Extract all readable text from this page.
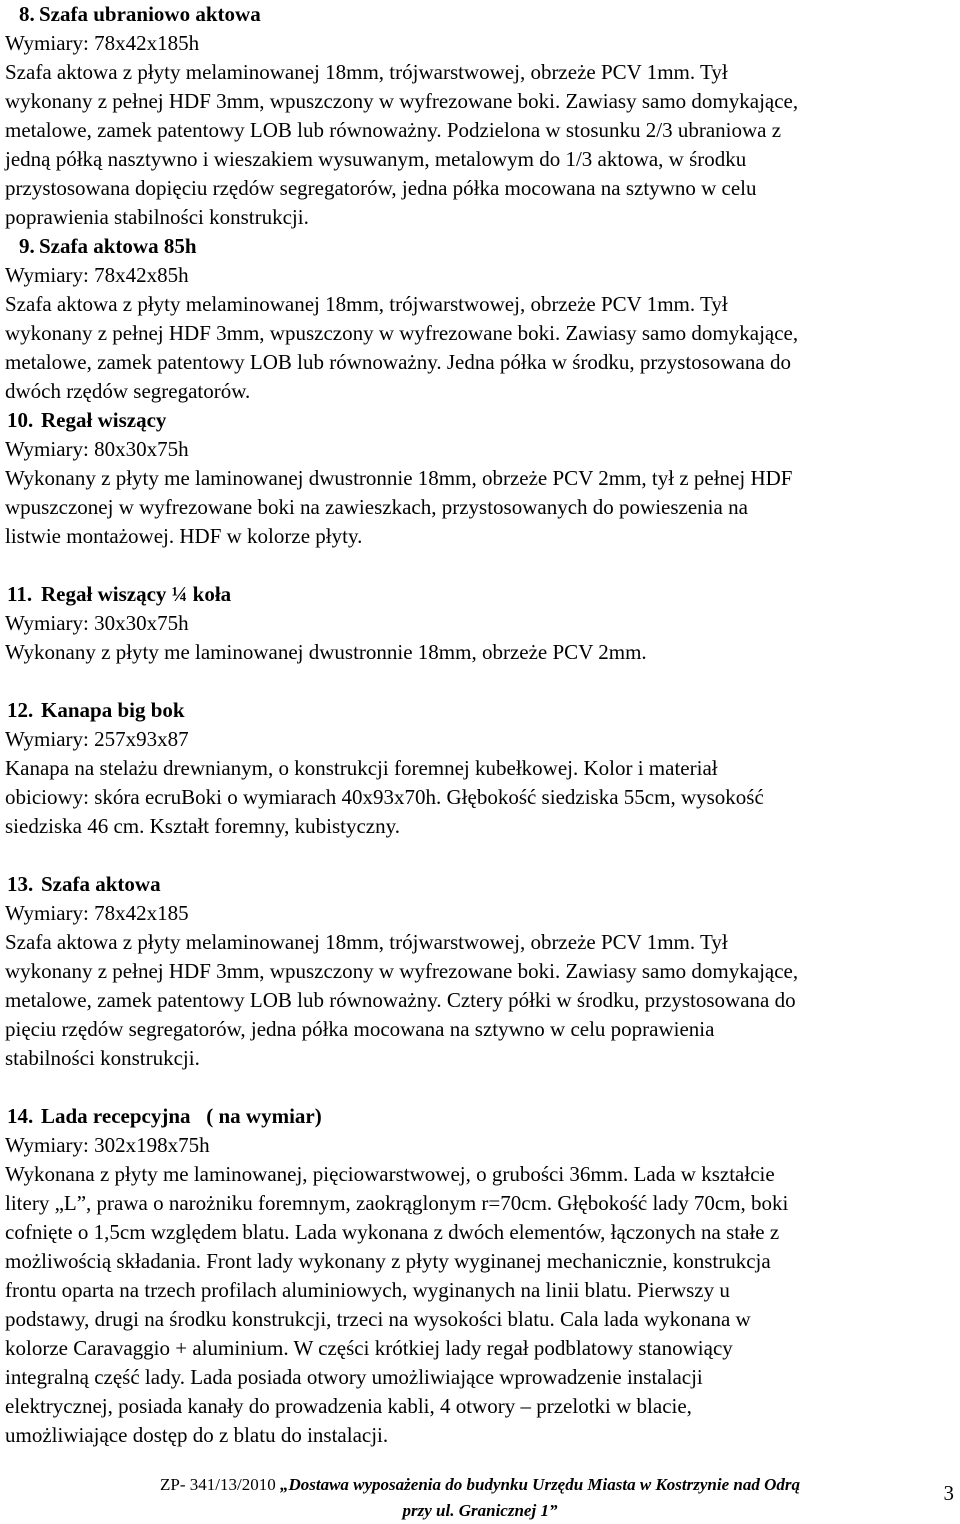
8. Szafa ubraniowo aktowa
Wymiary: 78x42x185h
Szafa aktowa z płyty melaminowanej 18mm, trójwarstwowej, obrzeże PCV 1mm. Tył
wykonany z pełnej HDF 3mm, wpuszczony w wyfrezowane boki. Zawiasy samo domykające,
metalowe, zamek patentowy LOB lub równoważny. Podzielona w stosunku 2/3 ubraniowa z
jedną półką nasztywno i wieszakiem wysuwanym, metalowym do 1/3 aktowa, w środku
przystosowana dopięciu rzędów segregatorów, jedna półka mocowana na sztywno w celu
poprawienia stabilności konstrukcji.
9. Szafa aktowa 85h
Wymiary: 78x42x85h
Szafa aktowa z płyty melaminowanej 18mm, trójwarstwowej, obrzeże PCV 1mm. Tył
wykonany z pełnej HDF 3mm, wpuszczony w wyfrezowane boki. Zawiasy samo domykające,
metalowe, zamek patentowy LOB lub równoważny. Jedna półka w środku, przystosowana do
dwóch rzędów segregatorów.
10. Regał wiszący
Wymiary: 80x30x75h
Wykonany z płyty me laminowanej dwustronnie 18mm, obrzeże PCV 2mm, tył z pełnej HDF
wpuszczonej w wyfrezowane boki na zawieszkach, przystosowanych do powieszenia na
listwie montażowej. HDF w kolorze płyty.
11. Regał wiszący ¼ koła
Wymiary: 30x30x75h
Wykonany z płyty me laminowanej dwustronnie 18mm, obrzeże PCV 2mm.
12. Kanapa big bok
Wymiary: 257x93x87
Kanapa na stelażu drewnianym, o konstrukcji foremnej kubełkowej. Kolor i materiał
obiciowy: skóra ecruBoki o wymiarach 40x93x70h. Głębokość siedziska 55cm, wysokość
siedziska 46 cm. Kształt foremny, kubistyczny.
13. Szafa aktowa
Wymiary: 78x42x185
Szafa aktowa z płyty melaminowanej 18mm, trójwarstwowej, obrzeże PCV 1mm. Tył
wykonany z pełnej HDF 3mm, wpuszczony w wyfrezowane boki. Zawiasy samo domykające,
metalowe, zamek patentowy LOB lub równoważny. Cztery półki w środku, przystosowana do
pięciu rzędów segregatorów, jedna półka mocowana na sztywno w celu poprawienia
stabilności konstrukcji.
14. Lada recepcyjna   ( na wymiar)
Wymiary: 302x198x75h
Wykonana z płyty me laminowanej, pięciowarstwowej, o grubości 36mm. Lada w kształcie
litery „L”, prawa o narożniku foremnym, zaokrąglonym r=70cm. Głębokość lady 70cm, boki
cofnięte o 1,5cm względem blatu. Lada wykonana z dwóch elementów, łączonych na stałe z
możliwością składania. Front lady wykonany z płyty wyginanej mechanicznie, konstrukcja
frontu oparta na trzech profilach aluminiowych, wyginanych na linii blatu. Pierwszy u
podstawy, drugi na środku konstrukcji, trzeci na wysokości blatu. Cala lada wykonana w
kolorze Caravaggio + aluminium. W części krótkiej lady regał podblatowy stanowiący
integralną część lady. Lada posiada otwory umożliwiające wprowadzenie instalacji
elektrycznej, posiada kanały do prowadzenia kabli, 4 otwory – przelotki w blacie,
umożliwiające dostęp do z blatu do instalacji.
ZP- 341/13/2010 „Dostawa wyposażenia do budynku Urzędu Miasta w Kostrzynie nad Odrą
przy ul. Granicznej 1”
3
